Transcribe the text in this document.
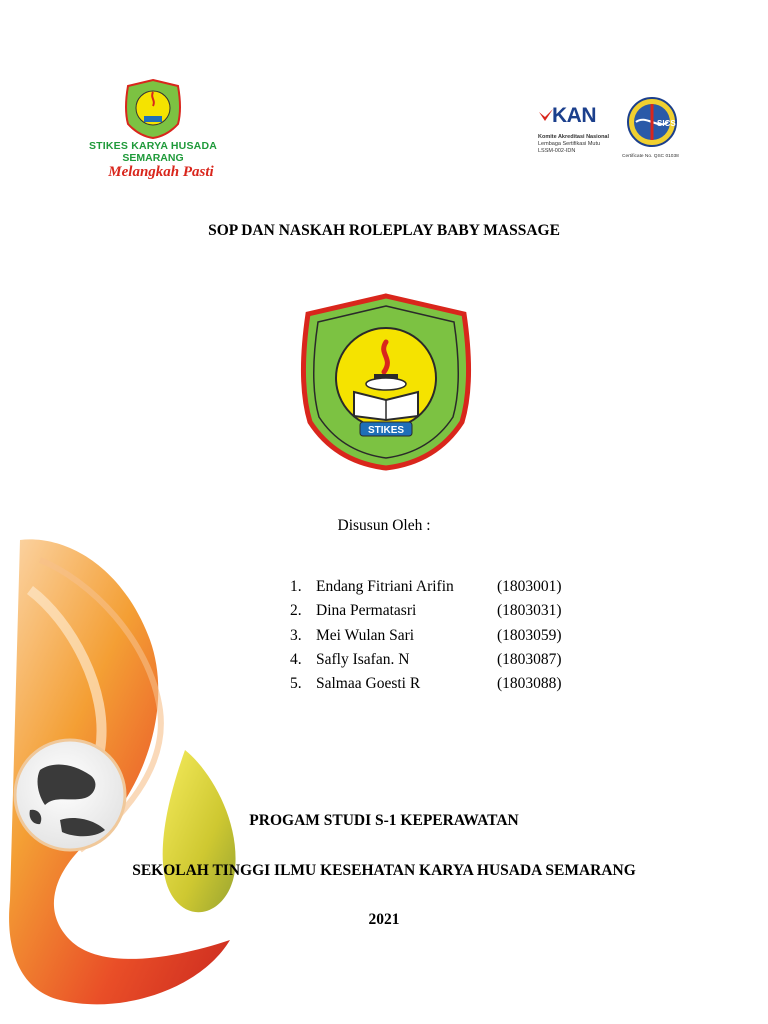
STIKES KARYA HUSADA
SEMARANG
Melangkah Pasti
KAN
Komite Akreditasi Nasional
Lembaga Sertifikasi Mutu
LSSM-002-IDN
SICS
Certificate No. QSC 01038
SOP DAN NASKAH ROLEPLAY BABY MASSAGE
STIKES
Disusun Oleh :
1. Endang Fitriani Arifin	(1803001)
2. Dina Permatasri	(1803031)
3. Mei Wulan Sari	(1803059)
4. Safly Isafan. N	(1803087)
5. Salmaa Goesti R	(1803088)
PROGAM STUDI S-1 KEPERAWATAN
SEKOLAH TINGGI ILMU KESEHATAN KARYA HUSADA SEMARANG
2021
